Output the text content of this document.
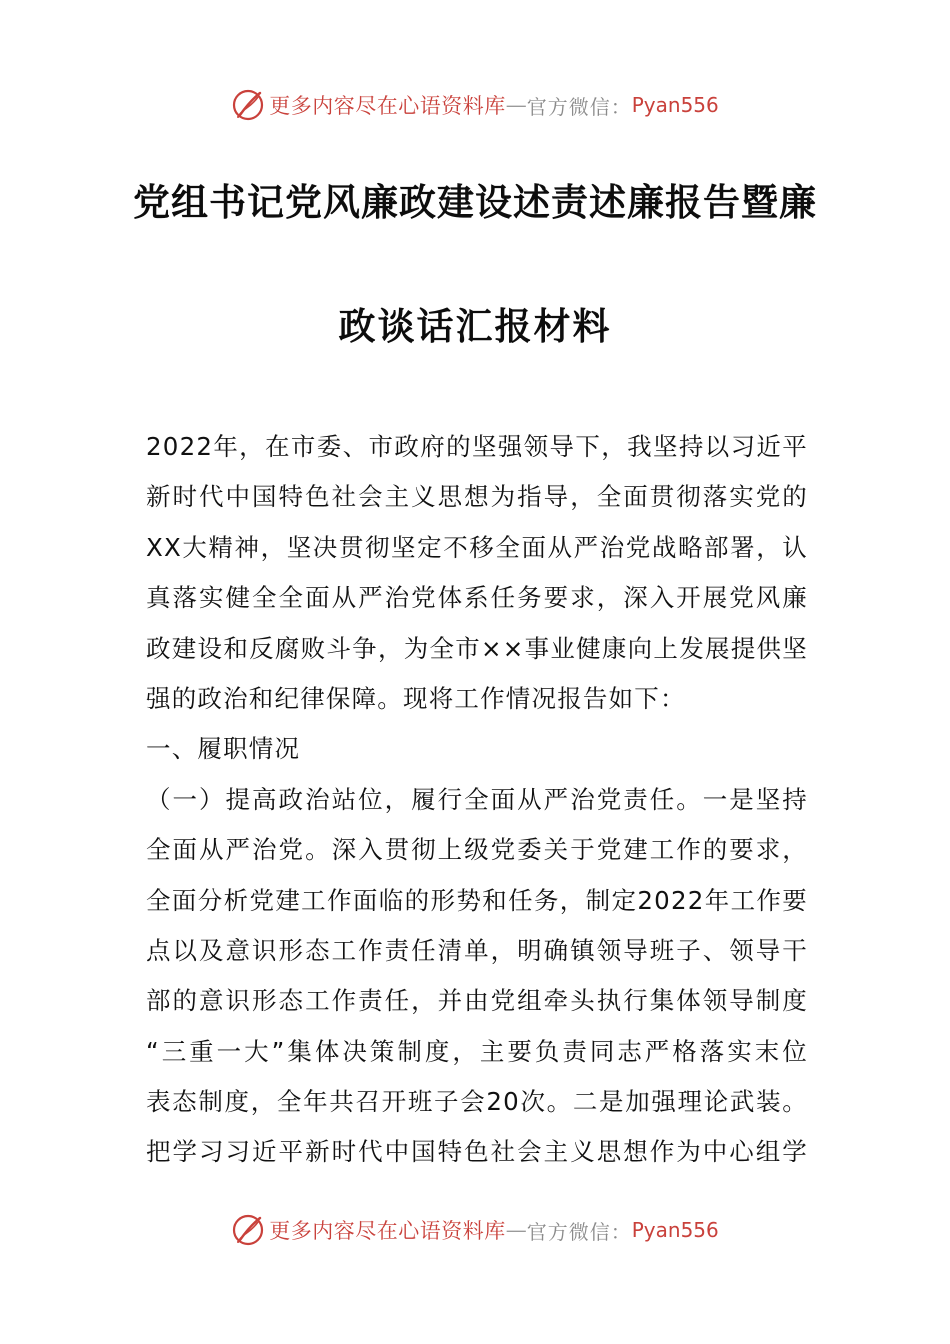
更多内容尽在心语资料库 — 官方微信： Pyan556
党组书记党风廉政建设述责述廉报告暨廉
政谈话汇报材料
2022年，在市委、市政府的坚强领导下，我坚持以习近平
新时代中国特色社会主义思想为指导，全面贯彻落实党的
XX大精神，坚决贯彻坚定不移全面从严治党战略部署，认
真落实健全全面从严治党体系任务要求，深入开展党风廉
政建设和反腐败斗争，为全市××事业健康向上发展提供坚
强的政治和纪律保障。现将工作情况报告如下：
一、履职情况
（一）提高政治站位，履行全面从严治党责任。一是坚持
全面从严治党。深入贯彻上级党委关于党建工作的要求，
全面分析党建工作面临的形势和任务，制定2022年工作要
点以及意识形态工作责任清单，明确镇领导班子、领导干
部的意识形态工作责任，并由党组牵头执行集体领导制度
“三重一大”集体决策制度，主要负责同志严格落实末位
表态制度，全年共召开班子会20次。二是加强理论武装。
把学习习近平新时代中国特色社会主义思想作为中心组学
更多内容尽在心语资料库 — 官方微信： Pyan556
